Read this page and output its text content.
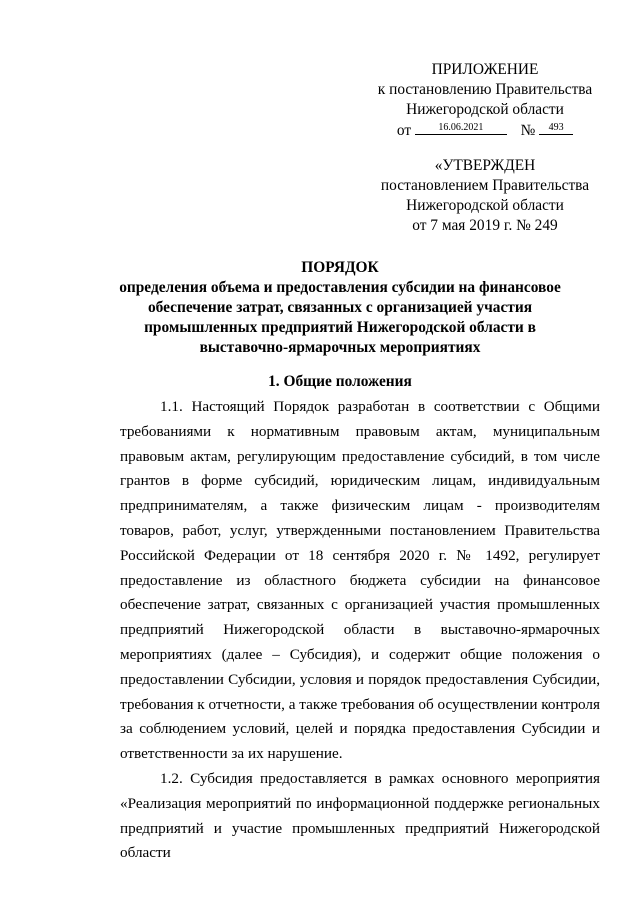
ПРИЛОЖЕНИЕ
к постановлению Правительства
Нижегородской области
от	16.06.2021	№	493
«УТВЕРЖДЕН
постановлением Правительства
Нижегородской области
от 7 мая 2019 г. № 249
ПОРЯДОК
определения объема и предоставления субсидии на финансовое обеспечение затрат, связанных с организацией участия промышленных предприятий Нижегородской области в выставочно-ярмарочных мероприятиях
1. Общие положения

1.1. Настоящий Порядок разработан в соответствии с Общими требованиями к нормативным правовым актам, муниципальным правовым актам, регулирующим предоставление субсидий, в том числе грантов в форме субсидий, юридическим лицам, индивидуальным предпринимателям, а также физическим лицам - производителям товаров, работ, услуг, утвержденными постановлением Правительства Российской Федерации от 18 сентября 2020 г. № 1492, регулирует предоставление из областного бюджета субсидии на финансовое обеспечение затрат, связанных с организацией участия промышленных предприятий Нижегородской области в выставочно-ярмарочных мероприятиях (далее – Субсидия), и содержит общие положения о предоставлении Субсидии, условия и порядок предоставления Субсидии, требования к отчетности, а также требования об осуществлении контроля за соблюдением условий, целей и порядка предоставления Субсидии и ответственности за их нарушение.

1.2. Субсидия предоставляется в рамках основного мероприятия «Реализация мероприятий по информационной поддержке региональных предприятий и участие промышленных предприятий Нижегородской области
